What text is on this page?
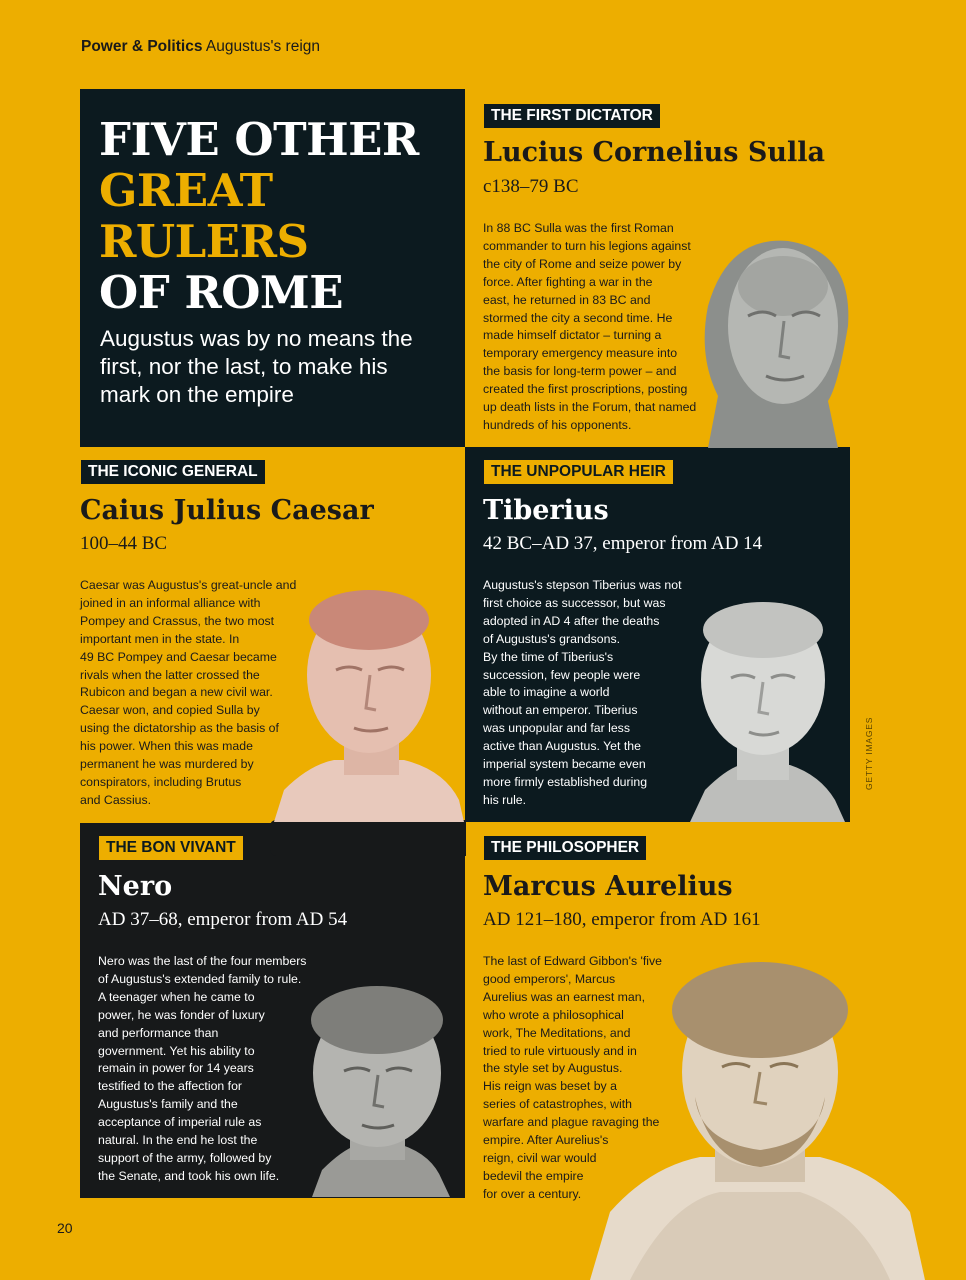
Power & Politics Augustus's reign
FIVE OTHER
GREAT
RULERS
OF ROME

Augustus was by no means the first, nor the last, to make his mark on the empire

THE FIRST DICTATOR
Lucius Cornelius Sulla
c138–79 BC
In 88 BC Sulla was the first Roman
commander to turn his legions against
the city of Rome and seize power by
force. After fighting a war in the
east, he returned in 83 BC and
stormed the city a second time. He
made himself dictator – turning a
temporary emergency measure into
the basis for long-term power – and
created the first proscriptions, posting
up death lists in the Forum, that named
hundreds of his opponents.
THE ICONIC GENERAL
Caius Julius Caesar
100–44 BC
Caesar was Augustus's great-uncle and
joined in an informal alliance with
Pompey and Crassus, the two most
important men in the state. In
49 BC Pompey and Caesar became
rivals when the latter crossed the
Rubicon and began a new civil war.
Caesar won, and copied Sulla by
using the dictatorship as the basis of
his power. When this was made
permanent he was murdered by
conspirators, including Brutus
and Cassius.
THE UNPOPULAR HEIR
Tiberius
42 BC–AD 37, emperor from AD 14
Augustus's stepson Tiberius was not
first choice as successor, but was
adopted in AD 4 after the deaths
of Augustus's grandsons.
By the time of Tiberius's
succession, few people were
able to imagine a world
without an emperor. Tiberius
was unpopular and far less
active than Augustus. Yet the
imperial system became even
more firmly established during
his rule.
THE BON VIVANT
Nero
AD 37–68, emperor from AD 54
Nero was the last of the four members
of Augustus's extended family to rule.
A teenager when he came to
power, he was fonder of luxury
and performance than
government. Yet his ability to
remain in power for 14 years
testified to the affection for
Augustus's family and the
acceptance of imperial rule as
natural. In the end he lost the
support of the army, followed by
the Senate, and took his own life.
THE PHILOSOPHER
Marcus Aurelius
AD 121–180, emperor from AD 161
The last of Edward Gibbon's 'five
good emperors', Marcus
Aurelius was an earnest man,
who wrote a philosophical
work, The Meditations, and
tried to rule virtuously and in
the style set by Augustus.
His reign was beset by a
series of catastrophes, with
warfare and plague ravaging the
empire. After Aurelius's
reign, civil war would
bedevil the empire
for over a century.
GETTY IMAGES
20
